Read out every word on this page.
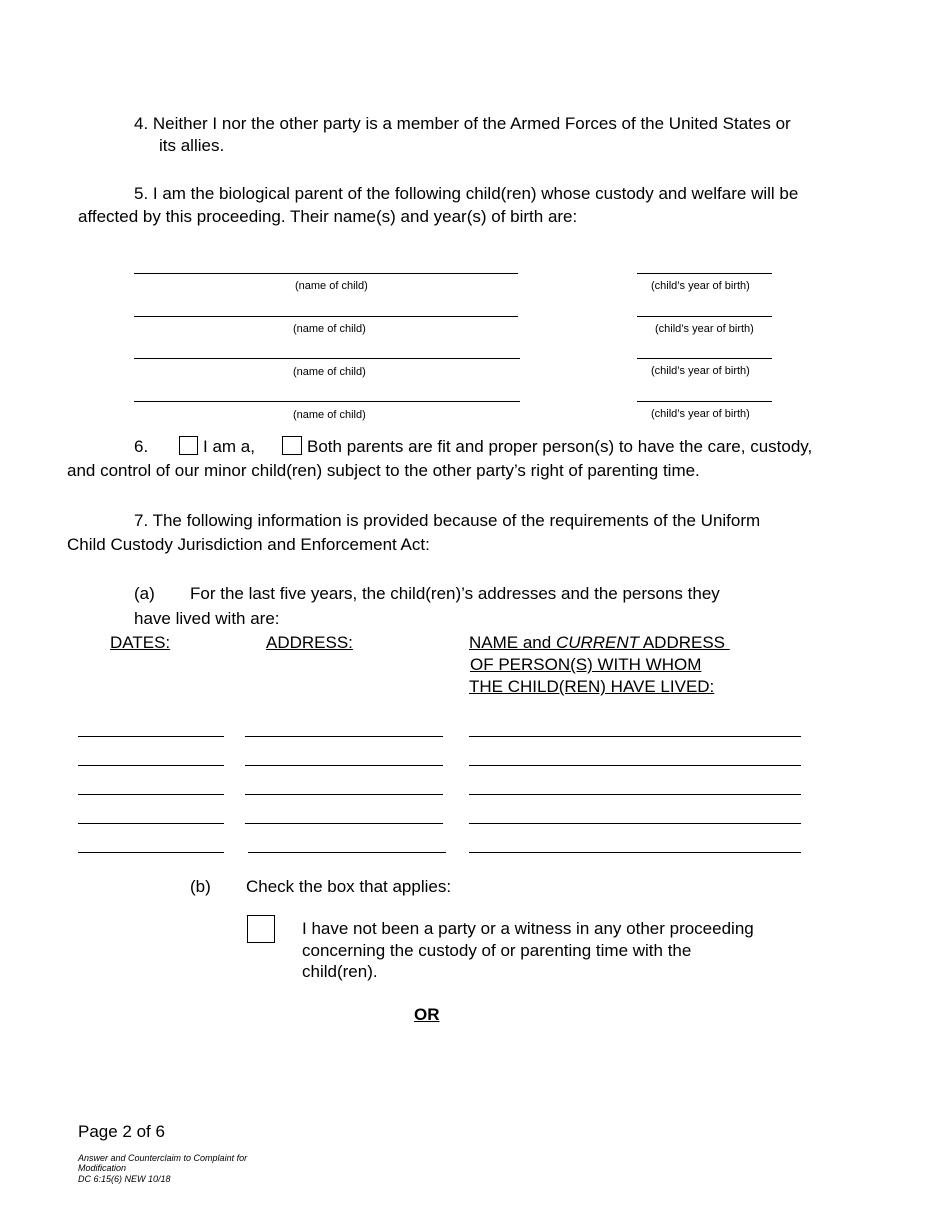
4. Neither I nor the other party is a member of the Armed Forces of the United States or
its allies.
5. I am the biological parent of the following child(ren) whose custody and welfare will be
affected by this proceeding. Their name(s) and year(s) of birth are:
(name of child)	(child’s year of birth)
(name of child)	(child’s year of birth)
(name of child)	(child’s year of birth)
(name of child)	(child’s year of birth)
6.	I am a,	Both parents are fit and proper person(s) to have the care, custody,
and control of our minor child(ren) subject to the other party’s right of parenting time.
7. The following information is provided because of the requirements of the Uniform
Child Custody Jurisdiction and Enforcement Act:
(a) For the last five years, the child(ren)’s addresses and the persons they
have lived with are:
DATES:	ADDRESS:	NAME and CURRENT ADDRESS
OF PERSON(S) WITH WHOM
THE CHILD(REN) HAVE LIVED:
(b) Check the box that applies:
I have not been a party or a witness in any other proceeding
concerning the custody of or parenting time with the
child(ren).
OR
Page 2 of 6
Answer and Counterclaim to Complaint for
Modification
DC 6:15(6) NEW 10/18
